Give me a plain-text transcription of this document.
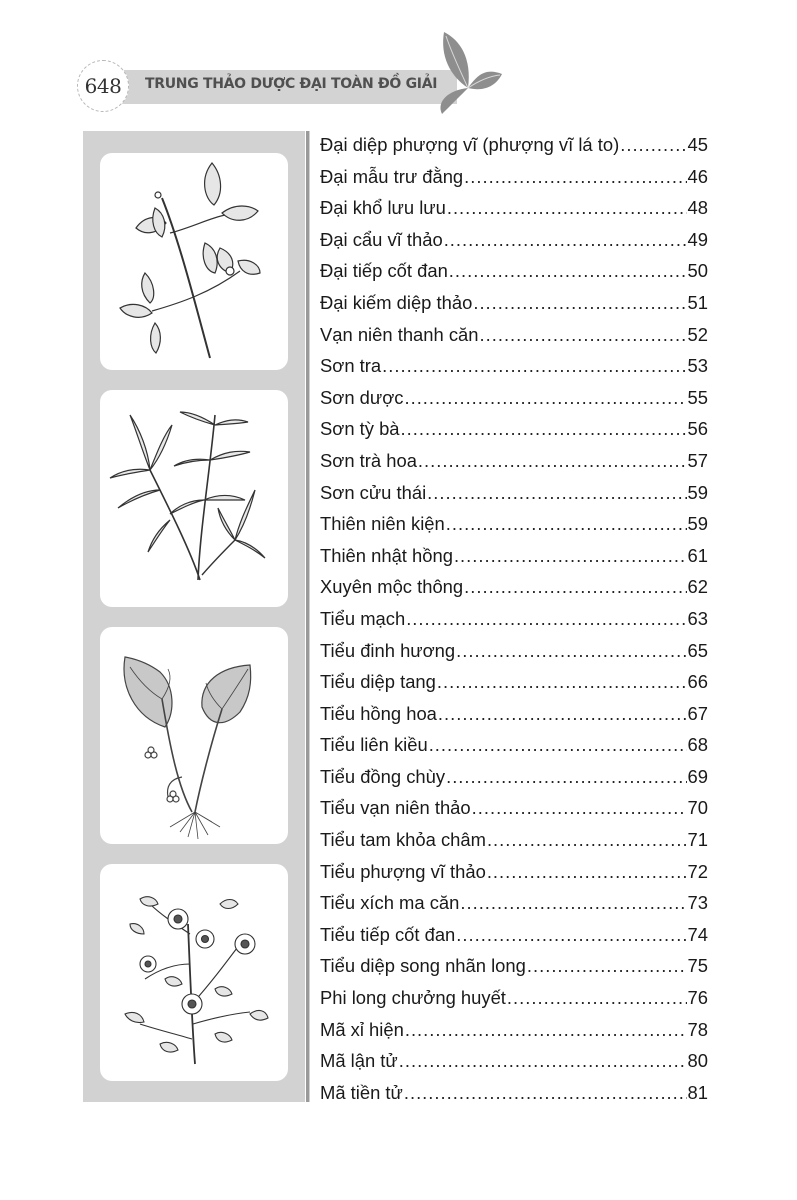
648 TRUNG THẢO DƯỢC ĐẠI TOÀN ĐỒ GIẢI
Đại diệp phượng vĩ (phượng vĩ lá to) .....	45
Đại mẫu trư đằng .....	46
Đại khổ lưu lưu .....	48
Đại cẩu vĩ thảo .....	49
Đại tiếp cốt đan .....	50
Đại kiếm diệp thảo .....	51
Vạn niên thanh căn .....	52
Sơn tra .....	53
Sơn dược .....	55
Sơn tỳ bà .....	56
Sơn trà hoa .....	57
Sơn cửu thái .....	59
Thiên niên kiện .....	59
Thiên nhật hồng .....	61
Xuyên mộc thông .....	62
Tiểu mạch .....	63
Tiểu đinh hương .....	65
Tiểu diệp tang .....	66
Tiểu hồng hoa .....	67
Tiểu liên kiều .....	68
Tiểu đồng chùy .....	69
Tiểu vạn niên thảo .....	70
Tiểu tam khỏa châm .....	71
Tiểu phượng vĩ thảo .....	72
Tiểu xích ma căn .....	73
Tiểu tiếp cốt đan .....	74
Tiểu diệp song nhãn long .....	75
Phi long chưởng huyết .....	76
Mã xỉ hiện .....	78
Mã lận tử .....	80
Mã tiền tử .....	81
